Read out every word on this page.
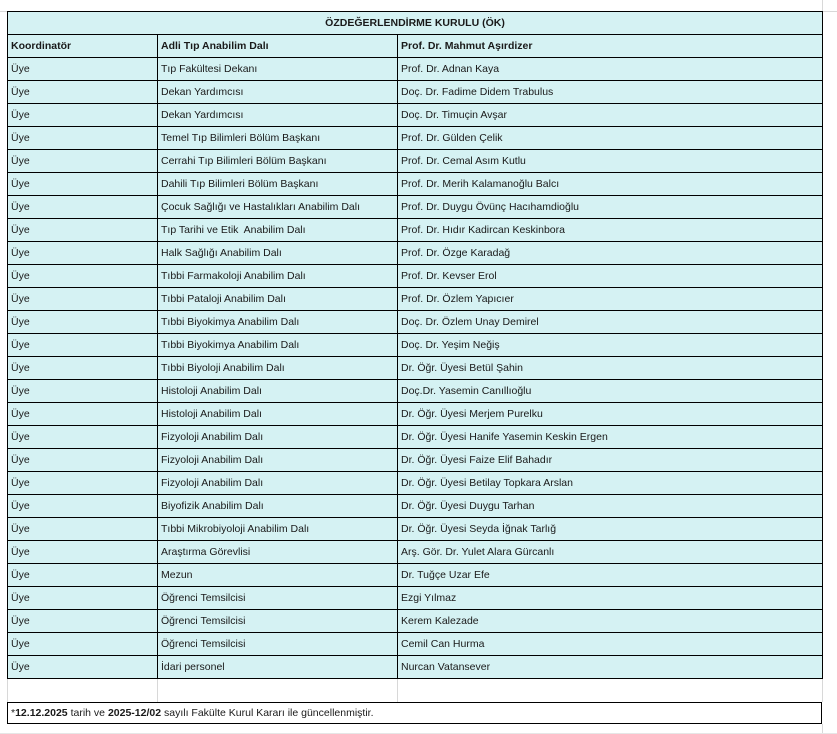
ÖZDEĞERLENDİRME KURULU (ÖK)		
Koordinatör	Adli Tıp Anabilim Dalı	Prof. Dr. Mahmut Aşırdizer
Üye	Tıp Fakültesi Dekanı	Prof. Dr. Adnan Kaya
Üye	Dekan Yardımcısı	Doç. Dr. Fadime Didem Trabulus
Üye	Dekan Yardımcısı	Doç. Dr. Timuçin Avşar
Üye	Temel Tıp Bilimleri Bölüm Başkanı	Prof. Dr. Gülden Çelik
Üye	Cerrahi Tıp Bilimleri Bölüm Başkanı	Prof. Dr. Cemal Asım Kutlu
Üye	Dahili Tıp Bilimleri Bölüm Başkanı	Prof. Dr. Merih Kalamanoğlu Balcı
Üye	Çocuk Sağlığı ve Hastalıkları Anabilim Dalı	Prof. Dr. Duygu Övünç Hacıhamdioğlu
Üye	Tıp Tarihi ve Etik  Anabilim Dalı	Prof. Dr. Hıdır Kadircan Keskinbora
Üye	Halk Sağlığı Anabilim Dalı	Prof. Dr. Özge Karadağ
Üye	Tıbbi Farmakoloji Anabilim Dalı	Prof. Dr. Kevser Erol
Üye	Tıbbi Pataloji Anabilim Dalı	Prof. Dr. Özlem Yapıcıer
Üye	Tıbbi Biyokimya Anabilim Dalı	Doç. Dr. Özlem Unay Demirel
Üye	Tıbbi Biyokimya Anabilim Dalı	Doç. Dr. Yeşim Neğiş
Üye	Tıbbi Biyoloji Anabilim Dalı	Dr. Öğr. Üyesi Betül Şahin
Üye	Histoloji Anabilim Dalı	Doç.Dr. Yasemin Canıllıoğlu
Üye	Histoloji Anabilim Dalı	Dr. Öğr. Üyesi Merjem Purelku
Üye	Fizyoloji Anabilim Dalı	Dr. Öğr. Üyesi Hanife Yasemin Keskin Ergen
Üye	Fizyoloji Anabilim Dalı	Dr. Öğr. Üyesi Faize Elif Bahadır
Üye	Fizyoloji Anabilim Dalı	Dr. Öğr. Üyesi Betilay Topkara Arslan
Üye	Biyofizik Anabilim Dalı	Dr. Öğr. Üyesi Duygu Tarhan
Üye	Tıbbi Mikrobiyoloji Anabilim Dalı	Dr. Öğr. Üyesi Seyda İğnak Tarlığ
Üye	Araştırma Görevlisi	Arş. Gör. Dr. Yulet Alara Gürcanlı
Üye	Mezun	Dr. Tuğçe Uzar Efe
Üye	Öğrenci Temsilcisi	Ezgi Yılmaz
Üye	Öğrenci Temsilcisi	Kerem Kalezade
Üye	Öğrenci Temsilcisi	Cemil Can Hurma
Üye	İdari personel	Nurcan Vatansever
*12.12.2025 tarih ve 2025-12/02 sayılı Fakülte Kurul Kararı ile güncellenmiştir.
